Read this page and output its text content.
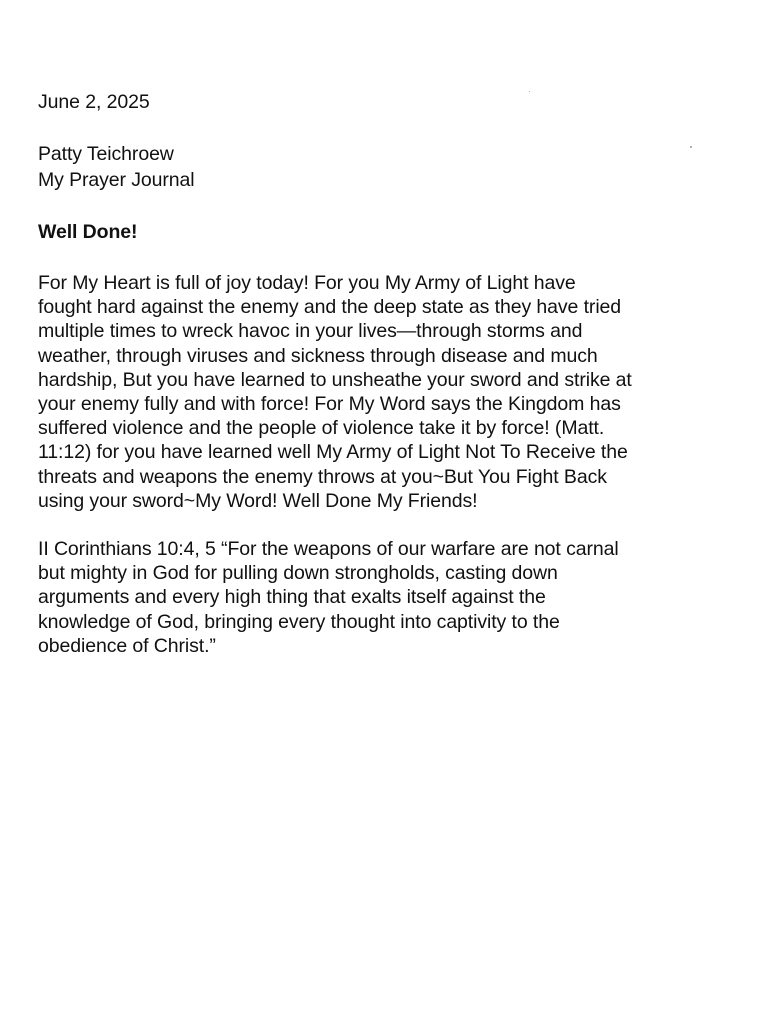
June 2, 2025
Patty Teichroew
My Prayer Journal
Well Done!
For My Heart is full of joy today! For you My Army of Light have
fought hard against the enemy and the deep state as they have tried
multiple times to wreck havoc in your lives—through storms and
weather, through viruses and sickness through disease and much
hardship, But you have learned to unsheathe your sword and strike at
your enemy fully and with force! For My Word says the Kingdom has
suffered violence and the people of violence take it by force! (Matt.
11:12) for you have learned well My Army of Light Not To Receive the
threats and weapons the enemy throws at you~But You Fight Back
using your sword~My Word! Well Done My Friends!
II Corinthians 10:4, 5 “For the weapons of our warfare are not carnal
but mighty in God for pulling down strongholds, casting down
arguments and every high thing that exalts itself against the
knowledge of God, bringing every thought into captivity to the
obedience of Christ.”
